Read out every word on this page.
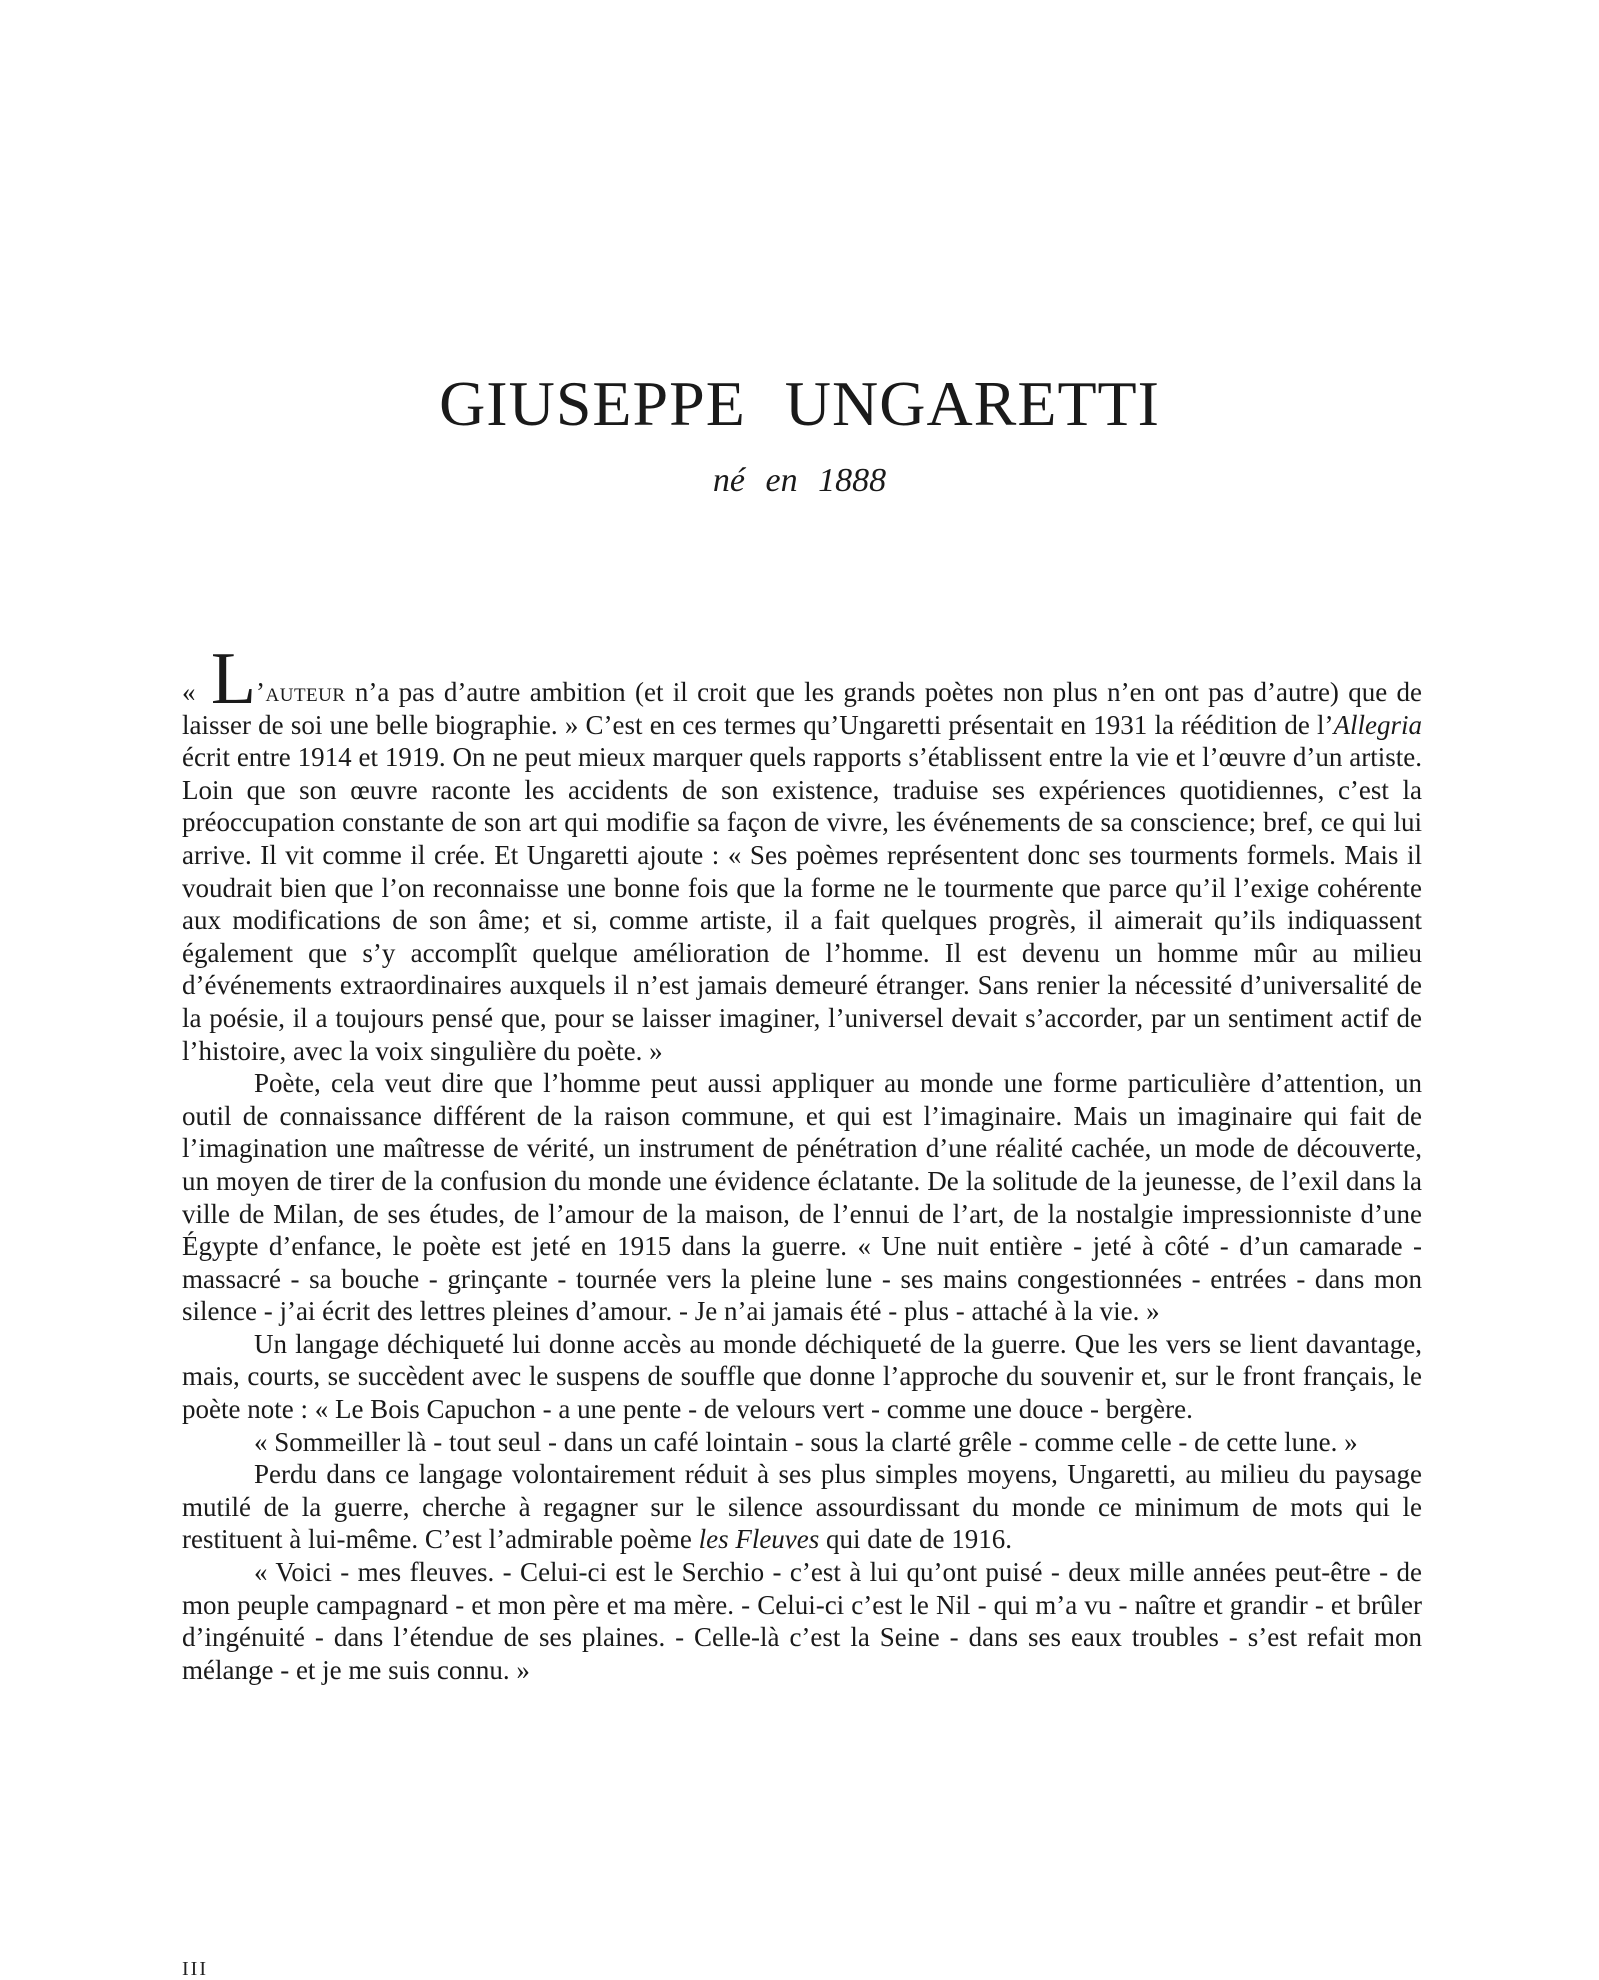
GIUSEPPE UNGARETTI
né en 1888

« L’auteur n’a pas d’autre ambition (et il croit que les grands poètes non plus n’en ont pas d’autre) que de laisser de soi une belle biographie. » C’est en ces termes qu’Ungaretti présentait en 1931 la réédition de l’Allegria écrit entre 1914 et 1919. On ne peut mieux marquer quels rapports s’établissent entre la vie et l’œuvre d’un artiste. Loin que son œuvre raconte les accidents de son existence, traduise ses expériences quotidiennes, c’est la préoccupation constante de son art qui modifie sa façon de vivre, les événements de sa conscience; bref, ce qui lui arrive. Il vit comme il crée. Et Ungaretti ajoute : « Ses poèmes représentent donc ses tourments formels. Mais il voudrait bien que l’on reconnaisse une bonne fois que la forme ne le tourmente que parce qu’il l’exige cohérente aux modifications de son âme; et si, comme artiste, il a fait quelques progrès, il aimerait qu’ils indiquassent également que s’y accomplît quelque amélioration de l’homme. Il est devenu un homme mûr au milieu d’événements extraordinaires auxquels il n’est jamais demeuré étranger. Sans renier la nécessité d’universalité de la poésie, il a toujours pensé que, pour se laisser imaginer, l’universel devait s’accorder, par un sentiment actif de l’histoire, avec la voix singulière du poète. »

Poète, cela veut dire que l’homme peut aussi appliquer au monde une forme particulière d’attention, un outil de connaissance différent de la raison commune, et qui est l’imaginaire. Mais un imaginaire qui fait de l’imagination une maîtresse de vérité, un instrument de pénétration d’une réalité cachée, un mode de découverte, un moyen de tirer de la confusion du monde une évidence éclatante. De la solitude de la jeunesse, de l’exil dans la ville de Milan, de ses études, de l’amour de la maison, de l’ennui de l’art, de la nostalgie impressionniste d’une Égypte d’enfance, le poète est jeté en 1915 dans la guerre. « Une nuit entière - jeté à côté - d’un camarade - massacré - sa bouche - grinçante - tournée vers la pleine lune - ses mains congestionnées - entrées - dans mon silence - j’ai écrit des lettres pleines d’amour. - Je n’ai jamais été - plus - attaché à la vie. »

Un langage déchiqueté lui donne accès au monde déchiqueté de la guerre. Que les vers se lient davantage, mais, courts, se succèdent avec le suspens de souffle que donne l’approche du souvenir et, sur le front français, le poète note : « Le Bois Capuchon - a une pente - de velours vert - comme une douce - bergère.

« Sommeiller là - tout seul - dans un café lointain - sous la clarté grêle - comme celle - de cette lune. »

Perdu dans ce langage volontairement réduit à ses plus simples moyens, Ungaretti, au milieu du paysage mutilé de la guerre, cherche à regagner sur le silence assourdissant du monde ce minimum de mots qui le restituent à lui-même. C’est l’admirable poème les Fleuves qui date de 1916.

« Voici - mes fleuves. - Celui-ci est le Serchio - c’est à lui qu’ont puisé - deux mille années peut-être - de mon peuple campagnard - et mon père et ma mère. - Celui-ci c’est le Nil - qui m’a vu - naître et grandir - et brûler d’ingénuité - dans l’étendue de ses plaines. - Celle-là c’est la Seine - dans ses eaux troubles - s’est refait mon mélange - et je me suis connu. »

III
